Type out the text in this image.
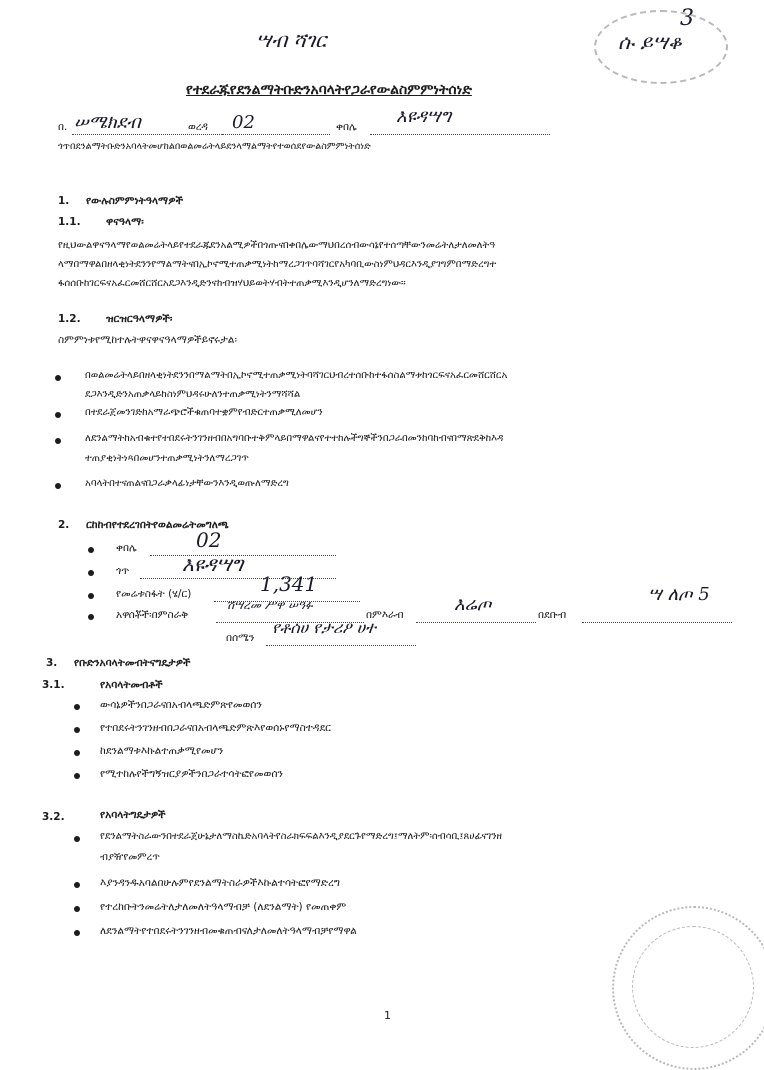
ሣብ ሻገር	ሱ ይሣቆ
3
የተደራጁየደንልማትቡድንአባላትየጋራየውልስምምነትሰነድ
በ. ሠሜክደብ	ወረዳ 02	ቀበሌ እዩዳሣግ
ጎጥበደንልማትቡድንአባላትመሆከልበወልመሬትላይደንላማልማትየተወሰደየውልስምምነትሰነድ
1. የውሉስምምነትዓላማዎች
1.1. ዋናዓላማ፡
የዚህውልዋናዓላማየወልመሬትላይየተደራጁደንአልሚዎችበጎጡናበቀበሌውማህበረሰብውሳኔየተሰጣቸውንመሬትለታለመለትዓ
ላማበማዋልበዘላቂነትደንንየማልማትናበኢኮኖሚተጠቃሚነትከማረጋገጥባሻገርየአካባቢውስነምህዳርእንዲያገግምበማድረግተ
ፋሰሰቡከገርፍናአፈርመሸርሸርአደጋእንዲድንናከብዝሃህይወትሃብትተጠቃሚእንዲሆንለማድረግነው።
1.2. ዝርዝርዓላማዎች፡
ስምምነቱየሚከተሉትዋናዋናዓላማዎችይኖሩታል፡
በወልመሬትላይበዘላቂነትደንንበማልማትበኢኮኖሚተጠቃሚነትባሻገርህብረተሰቡከተፋሰስልማቱከጎርፍናአፈርመሸርሸርአ
ደጋእንዲድንአጠቃላይከስነምህዳሩሁለንተጠቃሚነትንማሻሻል
በተደራጀመንገድከአማራጭሮችቁጠባተቋምየብድርተጠቃሚለመሆን
ለደንልማትከአብቁተየተበደሩትንገንዘብበአግባቡተቅምላይበማዋልናየተተከሉችግኞችንበጋራበመንከባከብናበማጽደቅከእዳ
ተጠያቂነትነጻበመሆንተጠቃሚነትንለማረጋገጥ
አባላትበተናጠልናበጋራቃላፊነታቸውንእንዲወጡለማድረግ
2. ርከከብየተደረገበትየወልመሬትመግለጫ
ቀበሌ	02
ጎጥ	እዩዳሣግ
የመሬቱስፋት (ሄ/ር)	1,341
አዋሰቾች፡በምስራቅ
ሽሣረመ ሥዋ ሠዓፉ
በምእራብ	እሬጦ	በደቡብ
ሣ ለጦ 5
በሰሜን
የቶሰሀ የታሪዖ ሀተ
3. የቡድንአባላትመብትናግዴታዎች
3.1.	የአባላትመብቶች
ውሳኔዎችንበጋራናበአብላጫድምጽየመወሰን
የተበደሩትንገንዘብበጋራናበአብላጫድምጽእየወሰኑየማስተዳደር
ከደንልማቱእኩልተጠቃሚየመሆን
የሚተከሉየችግኝዝርያዎችንበጋራተሳትፎየመወሰን
3.2.	የአባላትግዴታዎች
የደንልማትስራውንበተደራጀሁኔታለማስኬድአባላትየስራክፍፍልእንዲያደርጉየማድረግ፤ማለትም፡ሰብሳቢ፤ጸሀፊናገንዘ
ብያዥየመምረጥ
እያንዳንዱአባልበሁሉምየደንልማትስራዎችእኩልተሳትፎየማድረግ
የተረከቡትንመሬትለታለመለትዓላማብቻ (ለደንልማት) የመጠቀም
ለደንልማትየተበደሩትንገንዘብመቁጠብናለታለመለትዓላማብቻየማዋል
1
